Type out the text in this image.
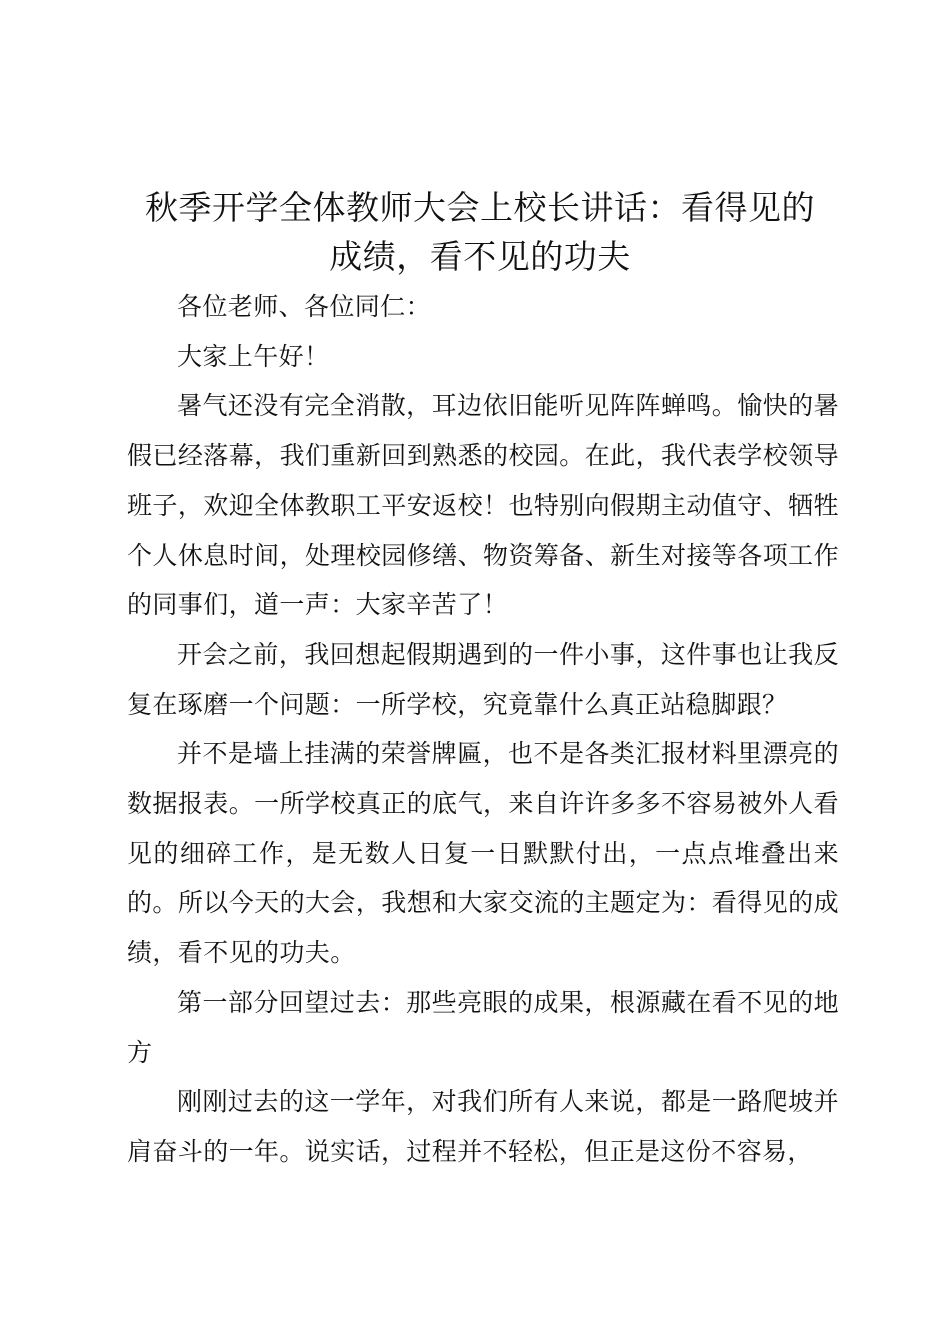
秋季开学全体教师大会上校长讲话：看得见的
成绩，看不见的功夫

各位老师、各位同仁：

大家上午好！

暑气还没有完全消散，耳边依旧能听见阵阵蝉鸣。愉快的暑假已经落幕，我们重新回到熟悉的校园。在此，我代表学校领导班子，欢迎全体教职工平安返校！也特别向假期主动值守、牺牲个人休息时间，处理校园修缮、物资筹备、新生对接等各项工作的同事们，道一声：大家辛苦了！

开会之前，我回想起假期遇到的一件小事，这件事也让我反复在琢磨一个问题：一所学校，究竟靠什么真正站稳脚跟？

并不是墙上挂满的荣誉牌匾，也不是各类汇报材料里漂亮的数据报表。一所学校真正的底气，来自许许多多不容易被外人看见的细碎工作，是无数人日复一日默默付出，一点点堆叠出来的。所以今天的大会，我想和大家交流的主题定为：看得见的成绩，看不见的功夫。

第一部分回望过去：那些亮眼的成果，根源藏在看不见的地方

刚刚过去的这一学年，对我们所有人来说，都是一路爬坡并肩奋斗的一年。说实话，过程并不轻松，但正是这份不容易，
